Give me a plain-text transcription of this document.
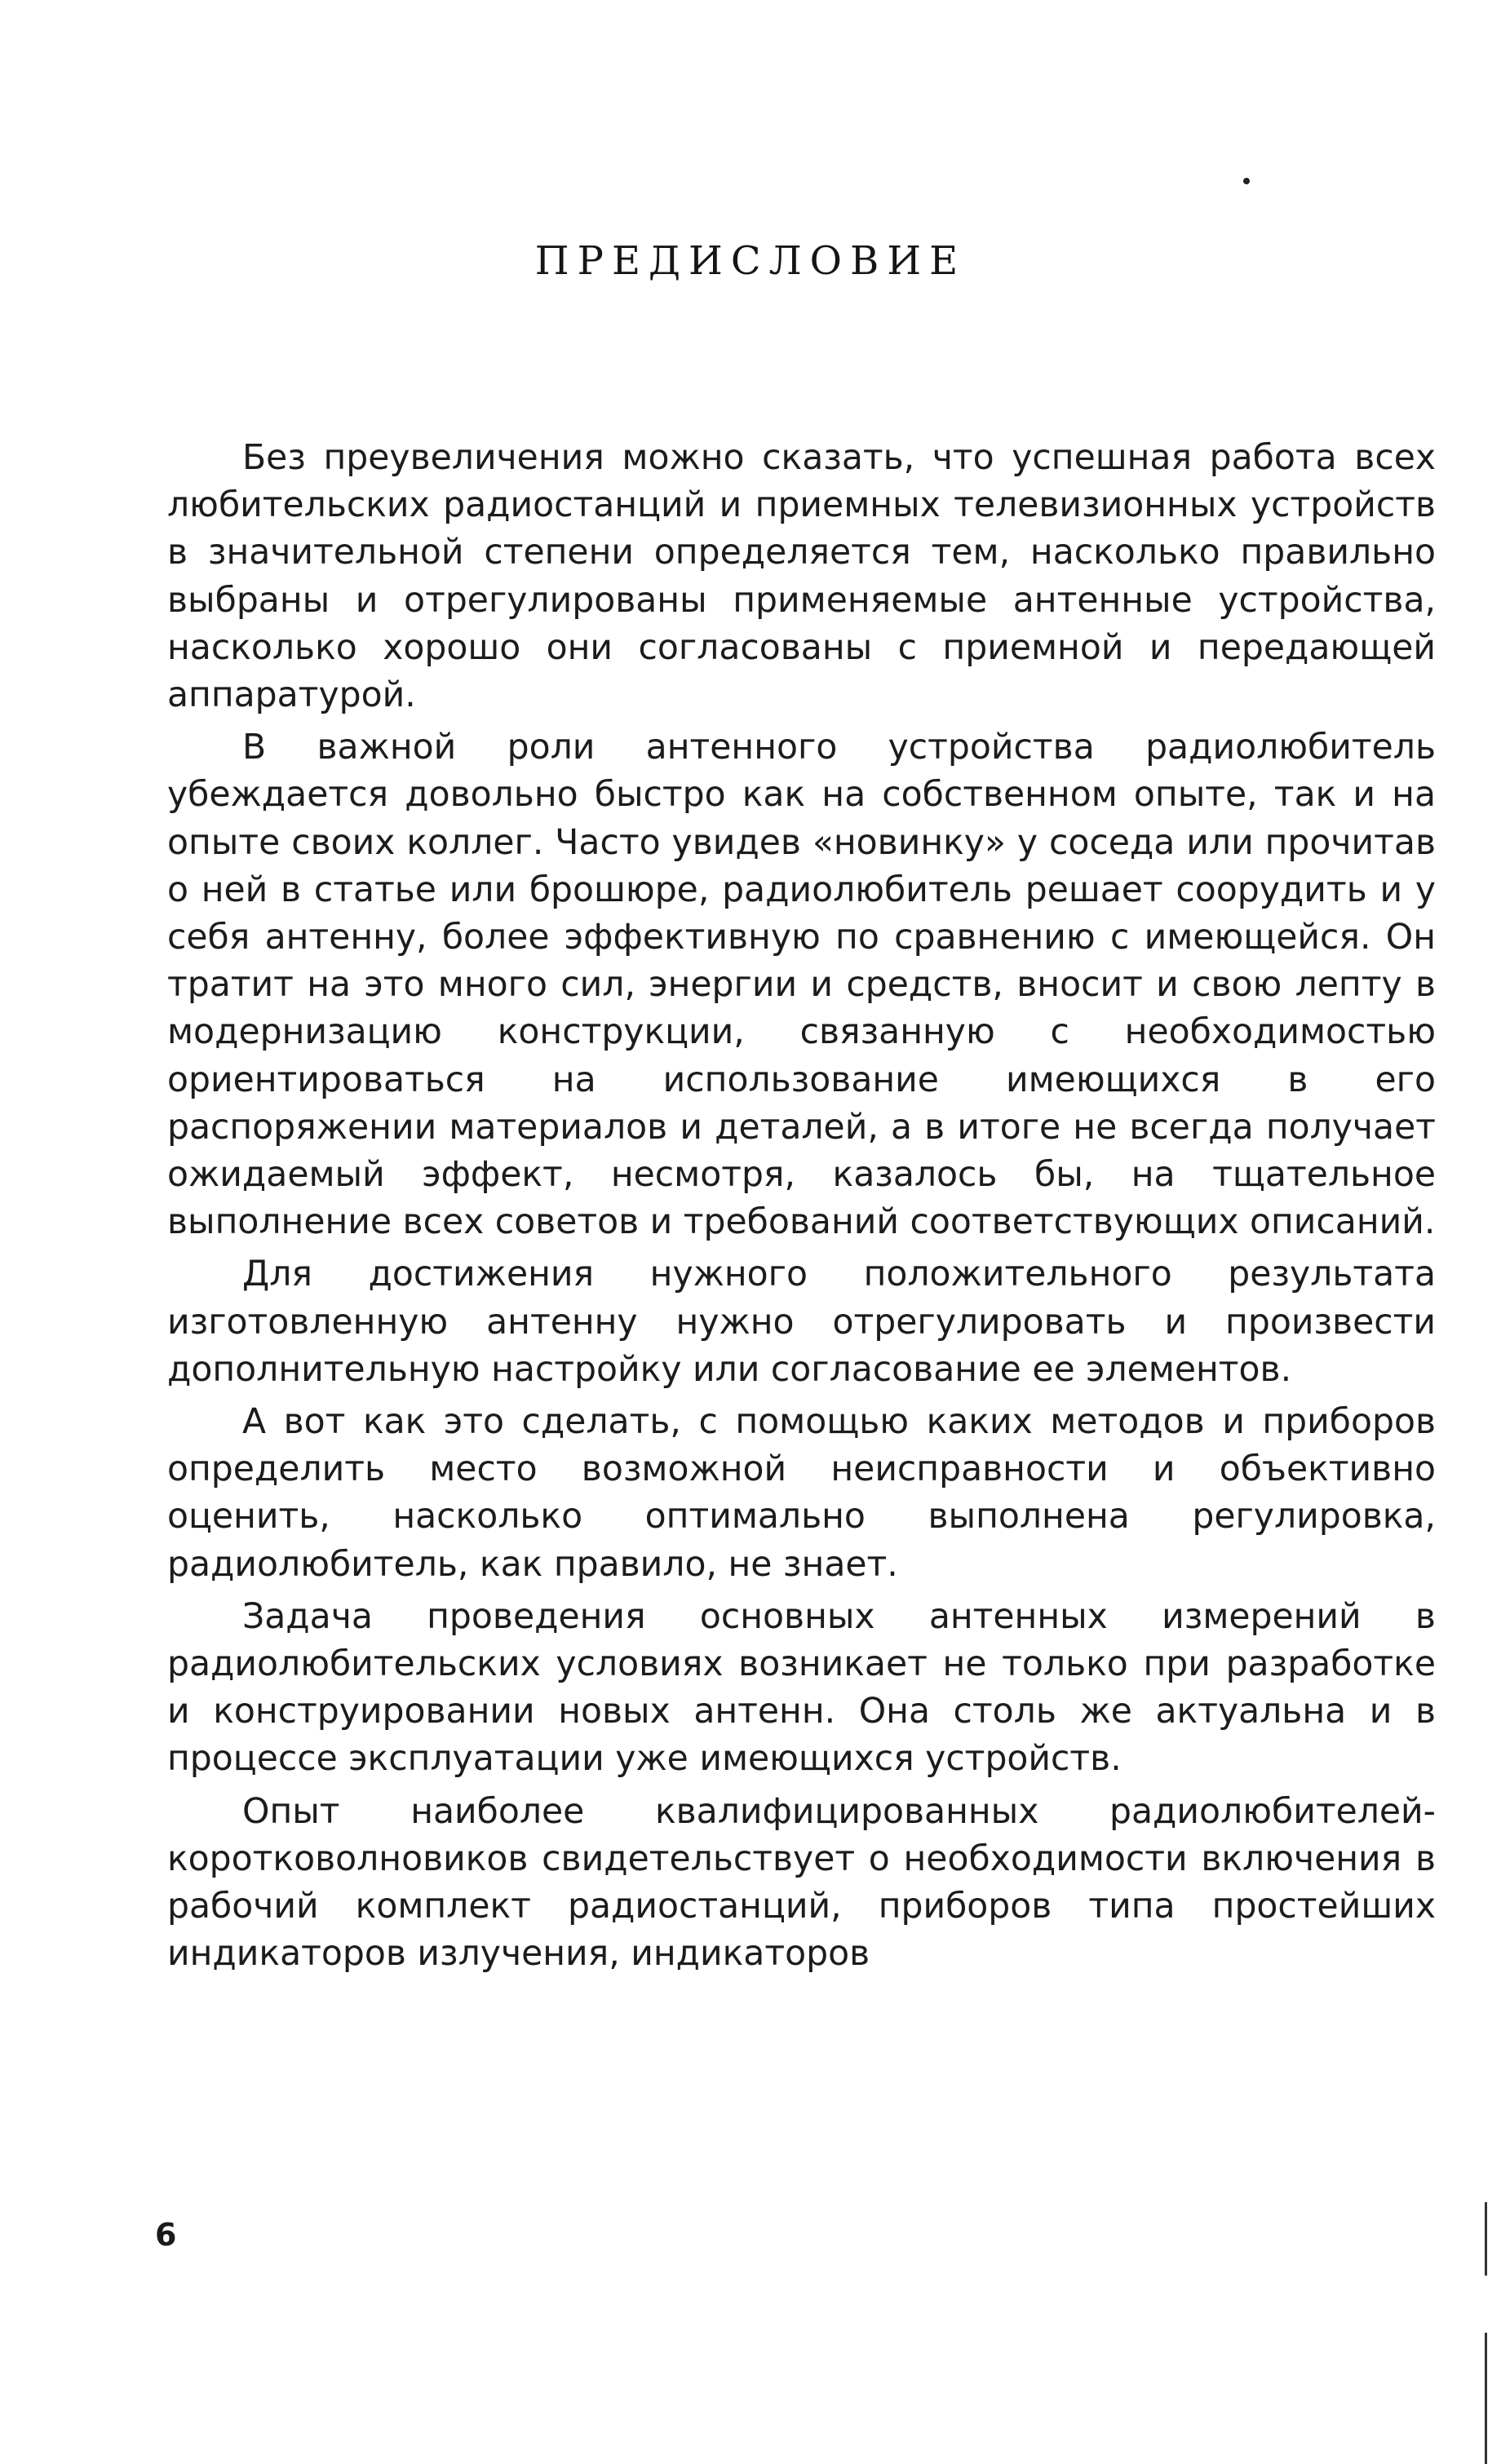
ПРЕДИСЛОВИЕ

Без преувеличения можно сказать, что успешная работа всех любительских радиостанций и приемных телевизионных устройств в значительной степени определяется тем, насколько правильно выбраны и отрегулированы применяемые антенные устройства, насколько хорошо они согласованы с приемной и передающей аппаратурой.

В важной роли антенного устройства радиолюбитель убеждается довольно быстро как на собственном опыте, так и на опыте своих коллег. Часто увидев «новинку» у соседа или прочитав о ней в статье или брошюре, радиолюбитель решает соорудить и у себя антенну, более эффективную по сравнению с имеющейся. Он тратит на это много сил, энергии и средств, вносит и свою лепту в модернизацию конструкции, связанную с необходимостью ориентироваться на использование имеющихся в его распоряжении материалов и деталей, а в итоге не всегда получает ожидаемый эффект, несмотря, казалось бы, на тщательное выполнение всех советов и требований соответствующих описаний.

Для достижения нужного положительного результата изготовленную антенну нужно отрегулировать и произвести дополнительную настройку или согласование ее элементов.

А вот как это сделать, с помощью каких методов и приборов определить место возможной неисправности и объективно оценить, насколько оптимально выполнена регулировка, радиолюбитель, как правило, не знает.

Задача проведения основных антенных измерений в радиолюбительских условиях возникает не только при разработке и конструировании новых антенн. Она столь же актуальна и в процессе эксплуатации уже имеющихся устройств.

Опыт наиболее квалифицированных радиолюбителей-коротковолновиков свидетельствует о необходимости включения в рабочий комплект радиостанций, приборов типа простейших индикаторов излучения, индикаторов

6
